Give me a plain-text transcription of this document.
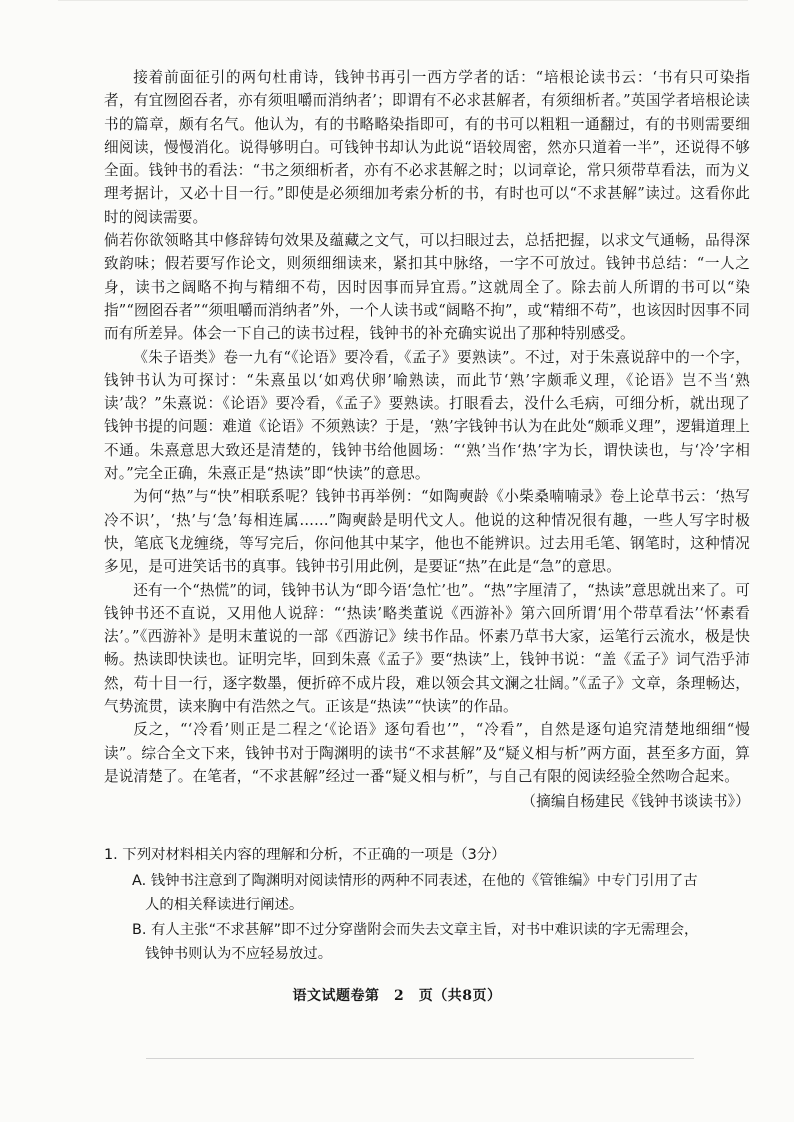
接着前面征引的两句杜甫诗，钱钟书再引一西方学者的话：“培根论读书云：‘书有只可染指者，有宜囫囵吞者，亦有须咀嚼而消纳者’；即谓有不必求甚解者，有须细析者。”英国学者培根论读书的篇章，颇有名气。他认为，有的书略略染指即可，有的书可以粗粗一通翻过，有的书则需要细细阅读，慢慢消化。说得够明白。可钱钟书却认为此说“语较周密，然亦只道着一半”，还说得不够全面。钱钟书的看法：“书之须细析者，亦有不必求甚解之时；以词章论，常只须带草看法，而为义理考据计，又必十目一行。”即使是必须细加考索分析的书，有时也可以“不求甚解”读过。这看你此时的阅读需要。

倘若你欲领略其中修辞铸句效果及蕴藏之文气，可以扫眼过去，总括把握，以求文气通畅，品得深致韵味；假若要写作论文，则须细细读来，紧扣其中脉络，一字不可放过。钱钟书总结：“一人之身，读书之阔略不拘与精细不苟，因时因事而异宜焉。”这就周全了。除去前人所谓的书可以“染指”“囫囵吞者”“须咀嚼而消纳者”外，一个人读书或“阔略不拘”，或“精细不苟”，也该因时因事不同而有所差异。体会一下自己的读书过程，钱钟书的补充确实说出了那种特别感受。

《朱子语类》卷一九有“《论语》要冷看，《孟子》要熟读”。不过，对于朱熹说辞中的一个字，钱钟书认为可探讨：“朱熹虽以‘如鸡伏卵’喻熟读，而此节‘熟’字颇乖义理，《论语》岂不当‘熟读’哉？”朱熹说：《论语》要冷看，《孟子》要熟读。打眼看去，没什么毛病，可细分析，就出现了钱钟书提的问题：难道《论语》不须熟读？于是，‘熟’字钱钟书认为在此处“颇乖义理”，逻辑道理上不通。朱熹意思大致还是清楚的，钱钟书给他圆场：“‘熟’当作‘热’字为长，谓快读也，与‘冷’字相对。”完全正确，朱熹正是“热读”即“快读”的意思。

为何“热”与“快”相联系呢？钱钟书再举例：“如陶奭龄《小柴桑喃喃录》卷上论草书云：‘热写冷不识’，‘热’与‘急’每相连属……”陶奭龄是明代文人。他说的这种情况很有趣，一些人写字时极快，笔底飞龙缠绕，等写完后，你问他其中某字，他也不能辨识。过去用毛笔、钢笔时，这种情况多见，是可进笑话书的真事。钱钟书引用此例，是要证“热”在此是“急”的意思。

还有一个“热慌”的词，钱钟书认为“即今语‘急忙’也”。“热”字厘清了，“热读”意思就出来了。可钱钟书还不直说，又用他人说辞：“‘热读’略类董说《西游补》第六回所谓‘用个带草看法’‘怀素看法’。”《西游补》是明末董说的一部《西游记》续书作品。怀素乃草书大家，运笔行云流水，极是快畅。热读即快读也。证明完毕，回到朱熹《孟子》要“热读”上，钱钟书说：“盖《孟子》词气浩乎沛然，苟十目一行，逐字数墨，便折碎不成片段，难以领会其文澜之壮阔。”《孟子》文章，条理畅达，气势流贯，读来胸中有浩然之气。正该是“热读”“快读”的作品。

反之，“‘冷看’则正是二程之‘《论语》逐句看也’”，“冷看”，自然是逐句追究清楚地细细“慢读”。综合全文下来，钱钟书对于陶渊明的读书“不求甚解”及“疑义相与析”两方面，甚至多方面，算是说清楚了。在笔者，“不求甚解”经过一番“疑义相与析”，与自己有限的阅读经验全然吻合起来。

（摘编自杨建民《钱钟书谈读书》）
1. 下列对材料相关内容的理解和分析，不正确的一项是（3分）
A. 钱钟书注意到了陶渊明对阅读情形的两种不同表述，在他的《管锥编》中专门引用了古
人的相关释读进行阐述。
B. 有人主张“不求甚解”即不过分穿凿附会而失去文章主旨，对书中难识读的字无需理会，
钱钟书则认为不应轻易放过。
语文试题卷第　2　页（共8页）
